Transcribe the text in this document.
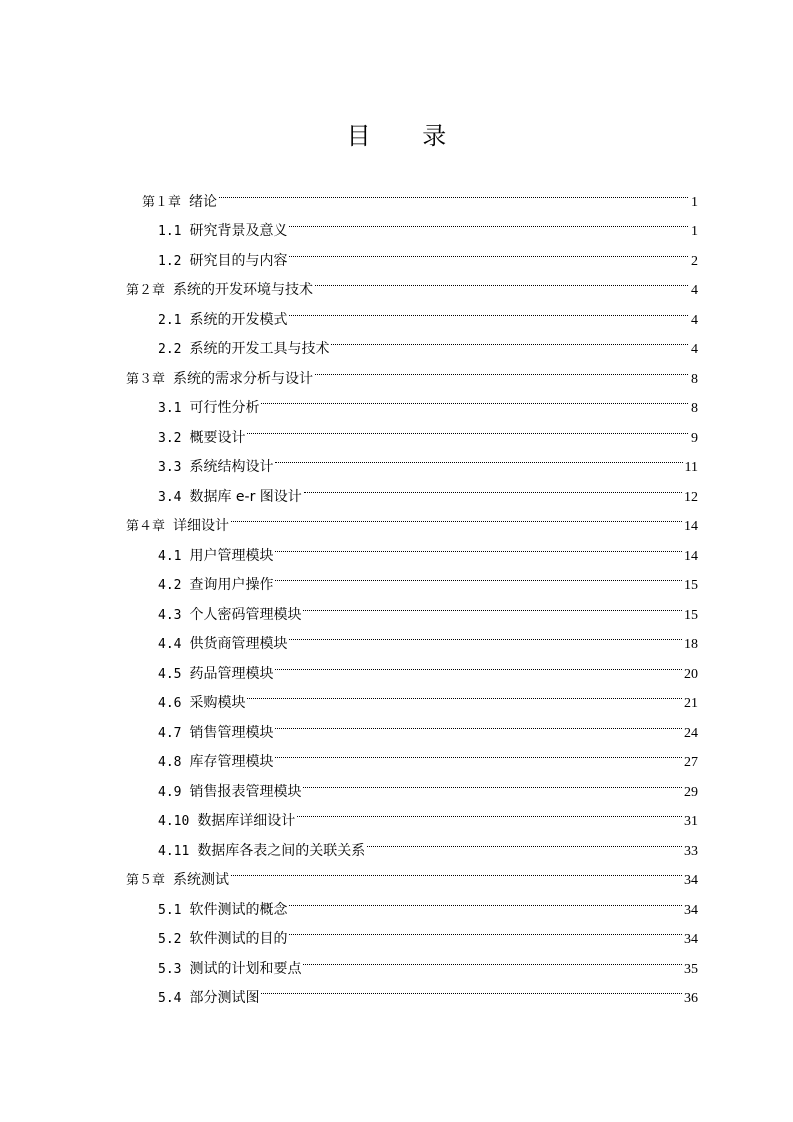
目 录
第１章 绪论	1
1.1 研究背景及意义	1
1.2 研究目的与内容	2
第２章 系统的开发环境与技术	4
2.1 系统的开发模式	4
2.2 系统的开发工具与技术	4
第３章 系统的需求分析与设计	8
3.1 可行性分析	8
3.2 概要设计	9
3.3 系统结构设计	11
3.4 数据库 e-r 图设计	12
第４章 详细设计	14
4.1 用户管理模块	14
4.2 查询用户操作	15
4.3 个人密码管理模块	15
4.4 供货商管理模块	18
4.5 药品管理模块	20
4.6 采购模块	21
4.7 销售管理模块	24
4.8 库存管理模块	27
4.9 销售报表管理模块	29
4.10 数据库详细设计	31
4.11 数据库各表之间的关联关系	33
第５章 系统测试	34
5.1 软件测试的概念	34
5.2 软件测试的目的	34
5.3 测试的计划和要点	35
5.4 部分测试图	36
